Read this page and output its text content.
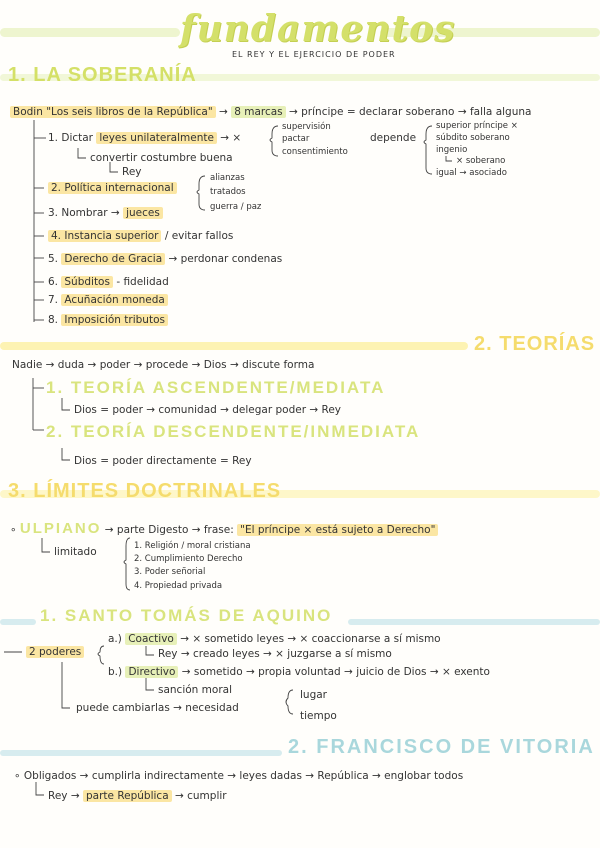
fundamentos
EL REY Y EL EJERCICIO DE PODER
1. LA SOBERANÍA
Bodin "Los seis libros de la República" → 8 marcas → príncipe = declarar soberano → falla alguna
1. Dictar leyes unilateralmente → ×
supervisión
pactar
consentimiento
depende
superior príncipe ×
súbdito soberano
ingenio
× soberano
igual → asociado
convertir costumbre buena
Rey
2. Política internacional
alianzas
tratados
guerra / paz
3. Nombrar → jueces
4. Instancia superior / evitar fallos
5. Derecho de Gracia → perdonar condenas
6. Súbditos - fidelidad
7. Acuñación moneda
8. Imposición tributos
2. TEORÍAS
Nadie → duda → poder → procede → Dios → discute forma
1. TEORÍA ASCENDENTE/MEDIATA
Dios = poder → comunidad → delegar poder → Rey
2. TEORÍA DESCENDENTE/INMEDIATA
Dios = poder directamente = Rey
3. LÍMITES DOCTRINALES
∘ ULPIANO → parte Digesto → frase: "El príncipe × está sujeto a Derecho"
limitado	1. Religión / moral cristiana
2. Cumplimiento Derecho
3. Poder señorial
4. Propiedad privada
1. SANTO TOMÁS DE AQUINO
2 poderes
a.) Coactivo → × sometido leyes → × coaccionarse a sí mismo
Rey → creado leyes → × juzgarse a sí mismo
b.) Directivo → sometido → propia voluntad → juicio de Dios → × exento
sanción moral
puede cambiarlas → necesidad
lugar
tiempo
2. FRANCISCO DE VITORIA
∘ Obligados → cumplirla indirectamente → leyes dadas → República → englobar todos
Rey → parte República → cumplir
